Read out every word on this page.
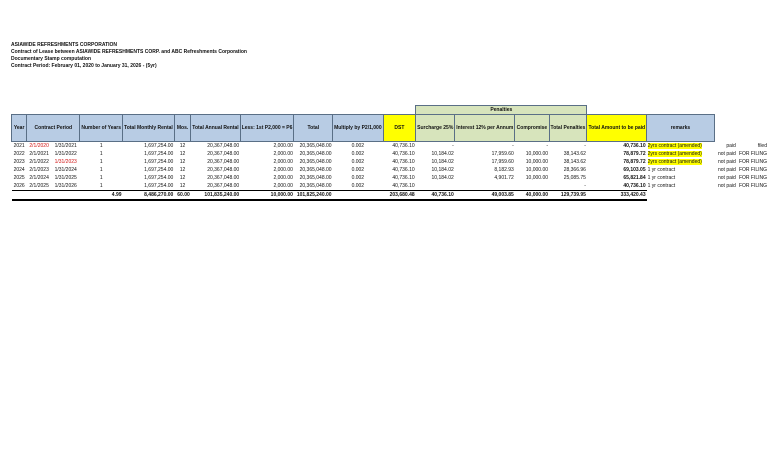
ASIAWIDE REFRESHMENTS CORPORATION
Contract of Lease between ASIAWIDE REFRESHMENTS CORP. and ABC Refreshments Corporation
Documentary Stamp computation
Contract Period: February 01, 2020 to January 31, 2026 - (5yr)
											Penalties							
Year	Contract Period		Number of Years	Total Monthly Rental	Mos.	Total Annual Rental	Less: 1st P2,000 = P6	Total	Multiply by P2/1,000	DST	Surcharge 25%	Interest 12% per Annum	Compromise	Total Penalties	Total Amount to be paid	remarks		
2021	2/1/2020	1/31/2021	1	1,697,254.00	12	20,367,048.00	2,000.00	20,365,048.00	0.002	40,736.10	-	-	-	-	40,736.10	2yrs contract (amended)	paid	filed
2022	2/1/2021	1/31/2022	1	1,697,254.00	12	20,367,048.00	2,000.00	20,365,048.00	0.002	40,736.10	10,184.02	17,959.60	10,000.00	38,143.62	78,879.72	2yrs contract (amended)	not paid	FOR FILING
2023	2/1/2022	1/31/2023	1	1,697,254.00	12	20,367,048.00	2,000.00	20,365,048.00	0.002	40,736.10	10,184.02	17,959.60	10,000.00	38,143.62	78,879.72	2yrs contract (amended)	not paid	FOR FILING
2024	2/1/2023	1/31/2024	1	1,697,254.00	12	20,367,048.00	2,000.00	20,365,048.00	0.002	40,736.10	10,184.02	8,182.93	10,000.00	28,366.96	69,103.05	1 yr contract	not paid	FOR FILING
2025	2/1/2024	1/31/2025	1	1,697,254.00	12	20,367,048.00	2,000.00	20,365,048.00	0.002	40,736.10	10,184.02	4,901.72	10,000.00	25,085.75	65,821.84	1 yr contract	not paid	FOR FILING
2026	2/1/2025	1/31/2026	1	1,697,254.00	12	20,367,048.00	2,000.00	20,365,048.00	0.002	40,736.10				-	40,736.10	1 yr contract	not paid	FOR FILING
			4.99	8,486,270.00	60.00	101,835,240.00	10,000.00	101,825,240.00		203,680.48	40,736.10	49,003.85	40,000.00	129,739.95	333,420.43			
